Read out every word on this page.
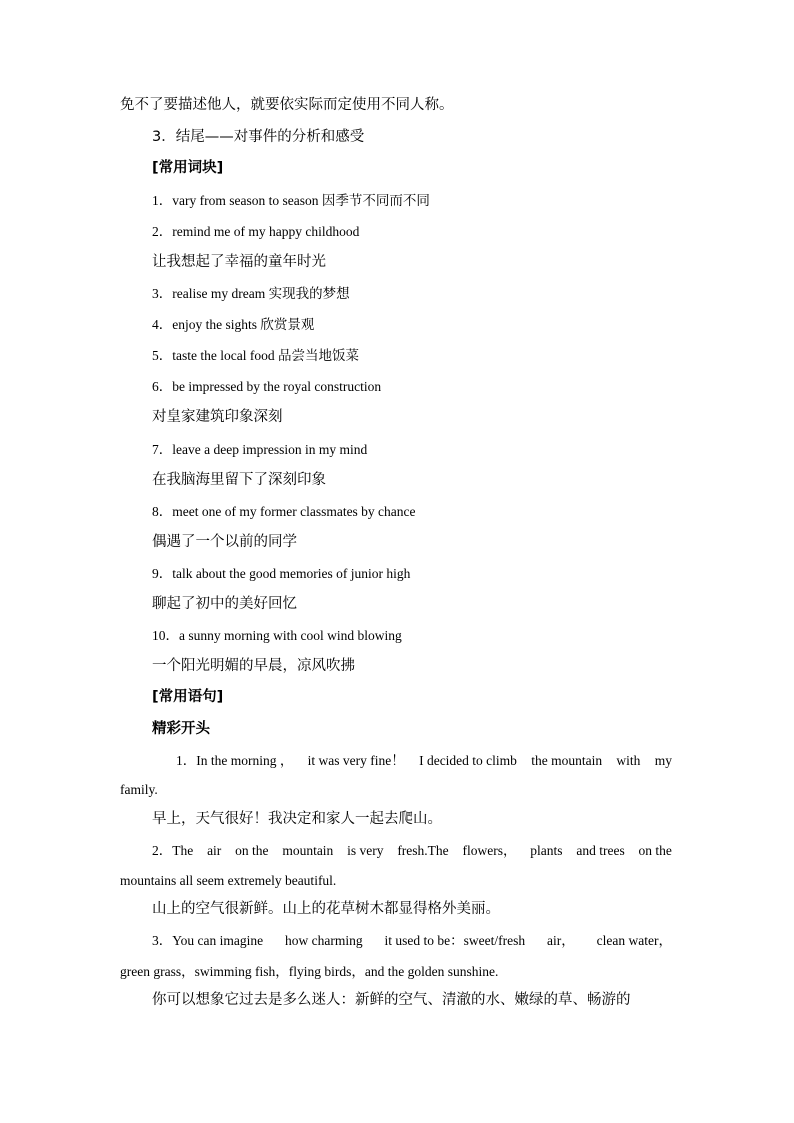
免不了要描述他人，就要依实际而定使用不同人称。
3．结尾——对事件的分析和感受
[常用词块]
1．vary from season to season 因季节不同而不同
2．remind me of my happy childhood
让我想起了幸福的童年时光
3．realise my dream 实现我的梦想
4．enjoy the sights 欣赏景观
5．taste the local food 品尝当地饭菜
6．be impressed by the royal construction
对皇家建筑印象深刻
7．leave a deep impression in my mind
在我脑海里留下了深刻印象
8．meet one of my former classmates by chance
偶遇了一个以前的同学
9．talk about the good memories of junior high
聊起了初中的美好回忆
10．a sunny morning with cool wind blowing
一个阳光明媚的早晨，凉风吹拂
[常用语句]
精彩开头
1．In the morning ， it was very fine！ I decided to climb the mountain with my
family.
早上，天气很好！我决定和家人一起去爬山。
2．The air on the mountain is very fresh.The flowers， plants and trees on the
mountains all seem extremely beautiful.
山上的空气很新鲜。山上的花草树木都显得格外美丽。
3．You can imagine how charming it used to be：sweet/fresh air， clean water，
green grass，swimming fish，flying birds，and the golden sunshine.
你可以想象它过去是多么迷人：新鲜的空气、清澈的水、嫩绿的草、畅游的
